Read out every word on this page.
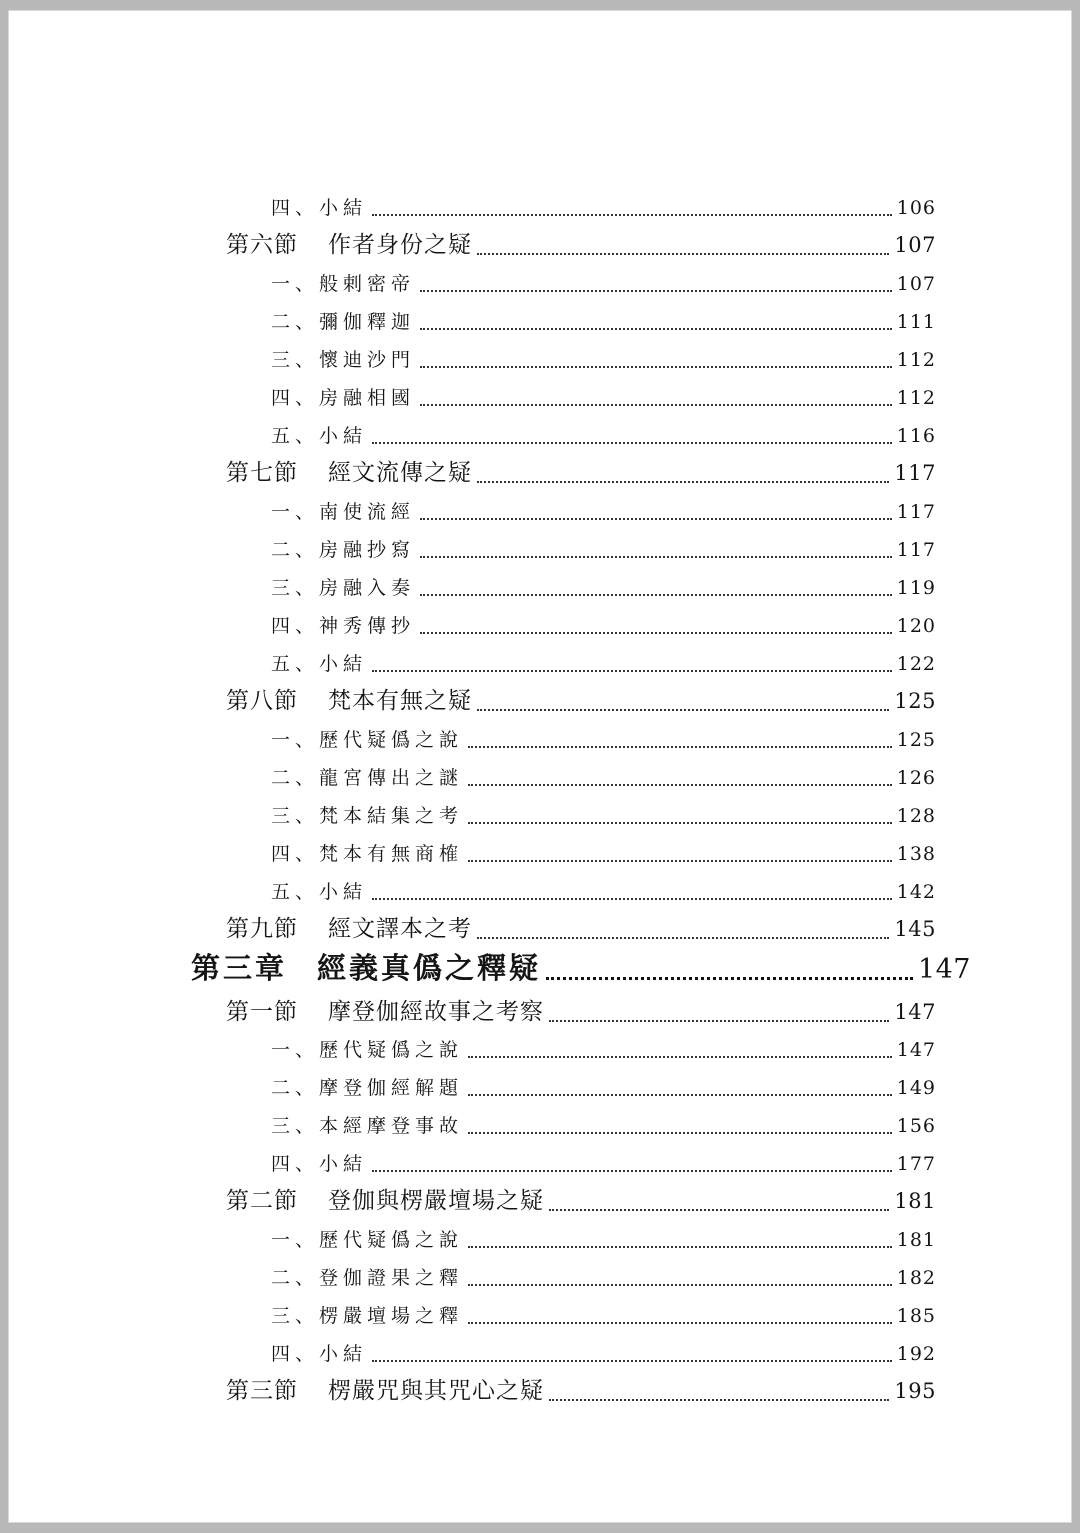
四、小結	106
第六節 作者身份之疑	107
一、般剌密帝	107
二、彌伽釋迦	111
三、懷迪沙門	112
四、房融相國	112
五、小結	116
第七節 經文流傳之疑	117
一、南使流經	117
二、房融抄寫	117
三、房融入奏	119
四、神秀傳抄	120
五、小結	122
第八節 梵本有無之疑	125
一、歷代疑僞之說	125
二、龍宮傳出之謎	126
三、梵本結集之考	128
四、梵本有無商榷	138
五、小結	142
第九節 經文譯本之考	145
第三章 經義真僞之釋疑	147
第一節 摩登伽經故事之考察	147
一、歷代疑僞之說	147
二、摩登伽經解題	149
三、本經摩登事故	156
四、小結	177
第二節 登伽與楞嚴壇場之疑	181
一、歷代疑僞之說	181
二、登伽證果之釋	182
三、楞嚴壇場之釋	185
四、小結	192
第三節 楞嚴咒與其咒心之疑	195
